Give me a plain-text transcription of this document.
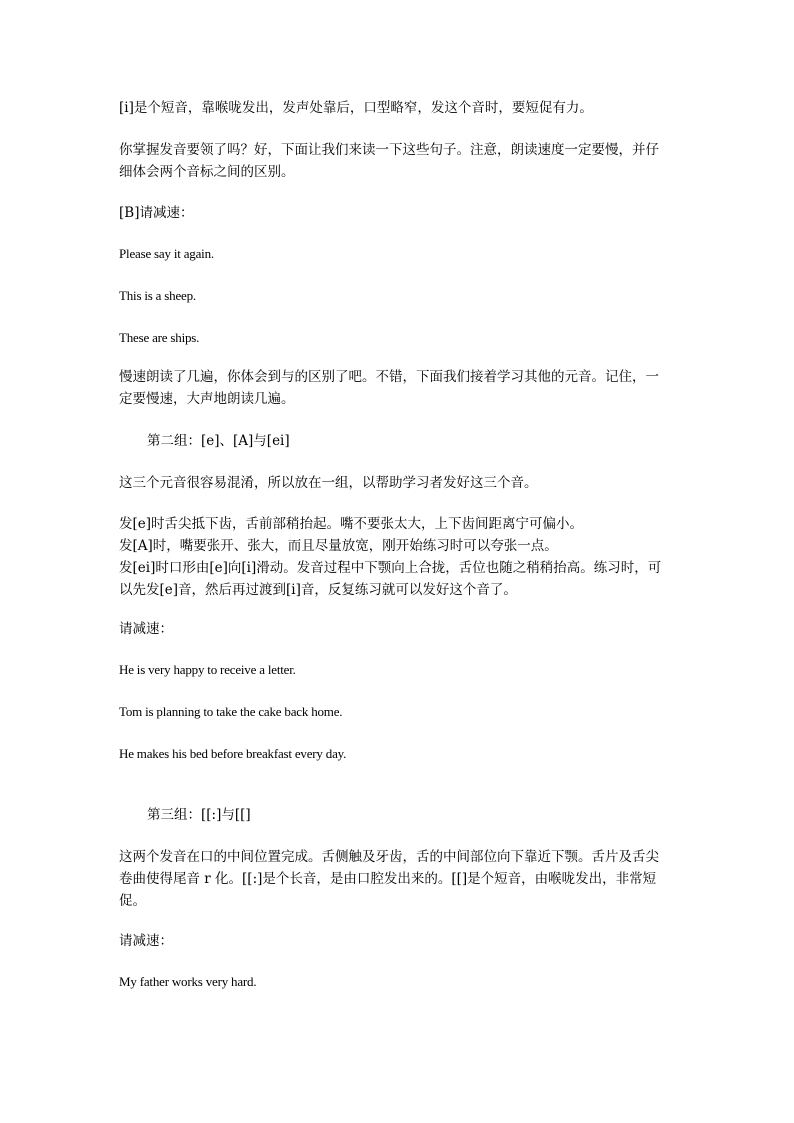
[i]是个短音，靠喉咙发出，发声处靠后，口型略窄，发这个音时，要短促有力。

你掌握发音要领了吗？好，下面让我们来读一下这些句子。注意，朗读速度一定要慢，并仔
细体会两个音标之间的区别。

[B]请减速：

Please say it again.

This is a sheep.

These are ships.

慢速朗读了几遍，你体会到与的区别了吧。不错，下面我们接着学习其他的元音。记住，一
定要慢速，大声地朗读几遍。

第二组：[e]、[A]与[ei]

这三个元音很容易混淆，所以放在一组，以帮助学习者发好这三个音。

发[e]时舌尖抵下齿，舌前部稍抬起。嘴不要张太大，上下齿间距离宁可偏小。
发[A]时，嘴要张开、张大，而且尽量放宽，刚开始练习时可以夸张一点。
发[ei]时口形由[e]向[i]滑动。发音过程中下颚向上合拢，舌位也随之稍稍抬高。练习时，可
以先发[e]音，然后再过渡到[i]音，反复练习就可以发好这个音了。

请减速：

He is very happy to receive a letter.

Tom is planning to take the cake back home.

He makes his bed before breakfast every day.

第三组：[[:]与[[]

这两个发音在口的中间位置完成。舌侧触及牙齿，舌的中间部位向下靠近下颚。舌片及舌尖
卷曲使得尾音 r 化。[[:]是个长音，是由口腔发出来的。[[]是个短音，由喉咙发出，非常短
促。

请减速：

My father works very hard.
